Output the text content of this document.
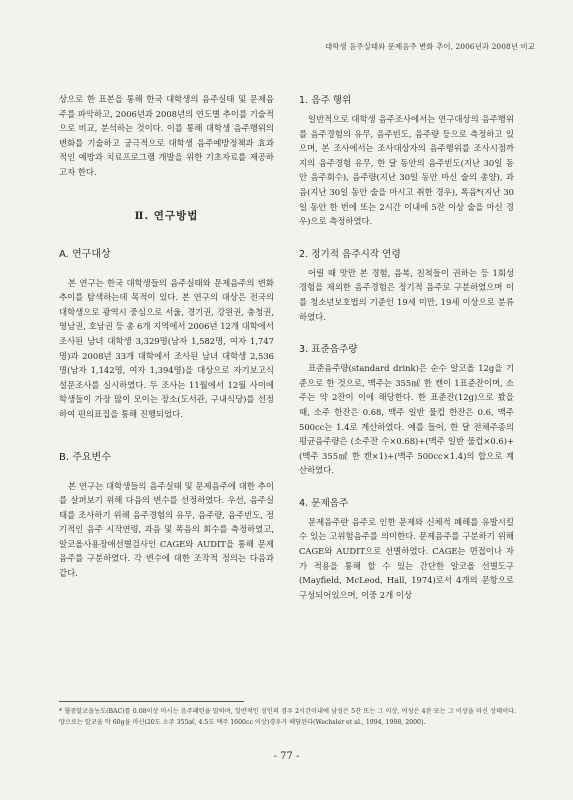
대학생 음주실태와 문제음주 변화 추이, 2006년과 2008년 비교

상으로 한 표본을 통해 한국 대학생의 음주실태 및 문제음주를 파악하고, 2006년과 2008년의 연도별 추이를 기술적으로 비교, 분석하는 것이다. 이를 통해 대학생 음주행위의 변화를 기술하고 궁극적으로 대학생 음주예방정책과 효과적인 예방과 치료프로그램 개발을 위한 기초자료를 제공하고자 한다.

Ⅱ. 연구방법
A. 연구대상

본 연구는 한국 대학생들의 음주실태와 문제음주의 변화 추이를 탐색하는데 목적이 있다. 본 연구의 대상은 전국의 대학생으로 광역시 중심으로 서울, 경기권, 강원권, 충청권, 영남권, 호남권 등 총 6개 지역에서 2006년 12개 대학에서 조사된 남녀 대학생 3,329명(남자 1,582명, 여자 1,747명)과 2008년 33개 대학에서 조사된 남녀 대학생 2,536명(남자 1,142명, 여자 1,394명)을 대상으로 자기보고식 설문조사를 실시하였다. 두 조사는 11월에서 12월 사이에 학생들이 가장 많이 모이는 장소(도서관, 구내식당)를 선정하여 편의표집을 통해 진행되었다.

B. 주요변수

본 연구는 대학생들의 음주실태 및 문제음주에 대한 추이를 살펴보기 위해 다음의 변수를 선정하였다. 우선, 음주실태를 조사하기 위해 음주경험의 유무, 음주량, 음주빈도, 정기적인 음주 시작연령, 과음 및 폭음의 회수를 측정하였고, 알코올사용장애선별검사인 CAGE와 AUDIT을 통해 문제음주를 구분하였다. 각 변수에 대한 조작적 정의는 다음과 같다.

1. 음주 행위

일반적으로 대학생 음주조사에서는 연구대상의 음주행위를 음주경험의 유무, 음주빈도, 음주량 등으로 측정하고 있으며, 본 조사에서는 조사대상자의 음주행위를 조사시점까지의 음주경험 유무, 한 달 동안의 음주빈도(지난 30일 동안 음주회수), 음주량(지난 30일 동안 마신 술의 총양), 과음(지난 30일 동안 술을 마시고 취한 경우), 폭음*(지난 30일 동안 한 번에 또는 2시간 이내에 5잔 이상 술을 마신 경우)으로 측정하였다.

2. 정기적 음주시작 연령

어릴 때 맛만 본 경험, 음복, 친척들이 권하는 등 1회성 경험을 제외한 음주경험은 정기적 음주로 구분하였으며 이를 청소년보호법의 기준인 19세 미만, 19세 이상으로 분류하였다.

3. 표준음주량

표준음주량(standard drink)은 순수 알코올 12g을 기준으로 한 것으로, 맥주는 355㎖ 한 캔이 1표준잔이며, 소주는 약 2잔이 이에 해당한다. 한 표준잔(12g)으로 봤을 때, 소주 한잔은 0.68, 맥주 일반 물컵 한잔은 0.6, 맥주 500cc는 1.4로 계산하였다. 예를 들어, 한 달 전체주종의 평균음주량은 (소주잔 수×0.68)+(맥주 일반 물컵×0.6)+(맥주 355㎖ 한 캔×1)+(맥주 500cc×1.4)의 합으로 계산하였다.

4. 문제음주

문제음주란 음주로 인한 문제와 신체적 폐해를 유발시킬 수 있는 고위험음주를 의미한다. 문제음주를 구분하기 위해 CAGE와 AUDIT으로 선별하였다. CAGE는 면접이나 자가 적용을 통해 할 수 있는 간단한 알코올 선별도구(Mayfield, McLeod, Hall, 1974)로서 4개의 문항으로 구성되어있으며, 이중 2개 이상

* 혈중알코올농도(BAC)를 0.08이상 마시는 음주패턴을 말하며, 일반적인 성인의 경우 2시간이내에 남성은 5잔 또는 그 이상, 여성은 4잔 또는 그 이상을 마신 상태이다. 양으로는 알코올 약 60g을 마신(20도 소주 355㎖, 4.5도 맥주 1600cc 이상)경우가 해당된다(Wechsler et al., 1994, 1998, 2000).
- 77 -
